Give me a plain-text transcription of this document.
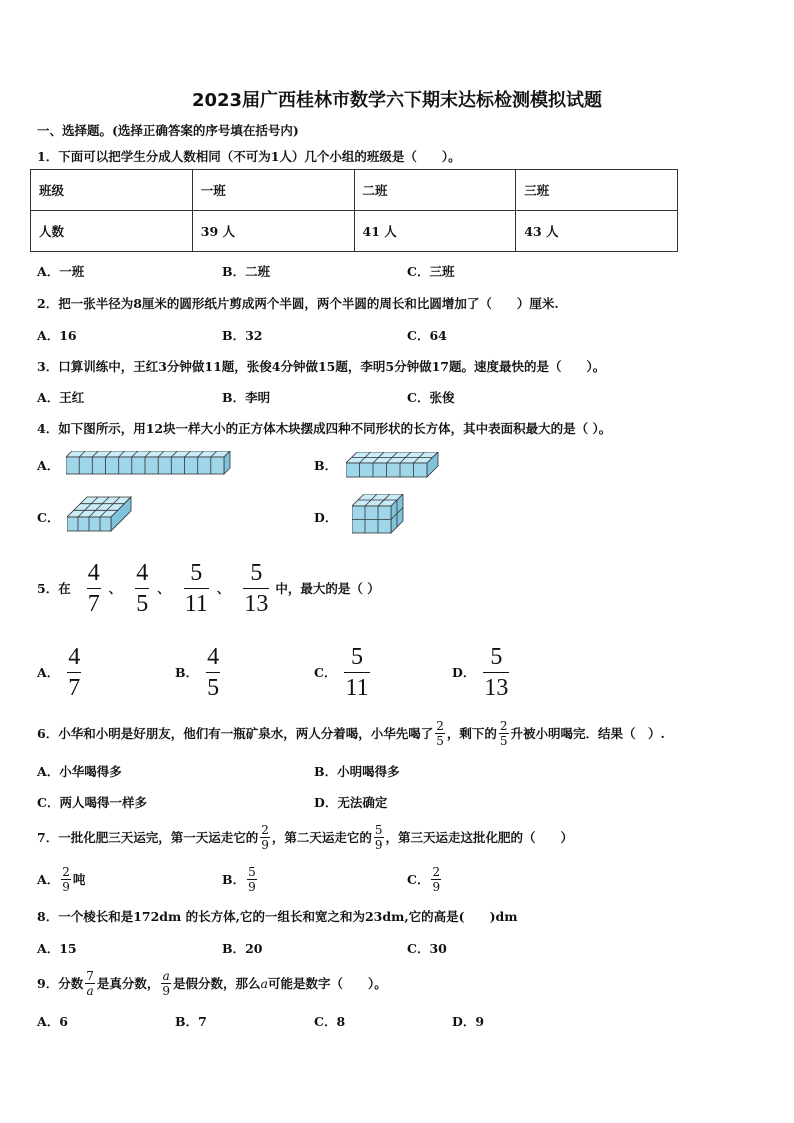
2023届广西桂林市数学六下期末达标检测模拟试题
一、选择题。(选择正确答案的序号填在括号内)
1．下面可以把学生分成人数相同（不可为1人）几个小组的班级是（　　）。
班级	一班	二班	三班
人数	39 人	41 人	43 人
A．一班	B．二班	C．三班
2．把一张半径为8厘米的圆形纸片剪成两个半圆，两个半圆的周长和比圆增加了（　　）厘米.
A．16	B．32	C．64
3．口算训练中，王红3分钟做11题，张俊4分钟做15题，李明5分钟做17题。速度最快的是（　　）。
A．王红	B．李明	C．张俊
4．如下图所示，用12块一样大小的正方体木块摆成四种不同形状的长方体，其中表面积最大的是（ ）。
A．	B．
C．	D．
5．在 $\frac{4}{7}$ 、 $\frac{4}{5}$ 、 $\frac{5}{11}$ 、 $\frac{5}{13}$ 中，最大的是（ ）
A． $\frac{4}{7}$	B． $\frac{4}{5}$	C． $\frac{5}{11}$	D． $\frac{5}{13}$
6．小华和小明是好朋友，他们有一瓶矿泉水，两人分着喝，小华先喝了 $\frac{2}{5}$ ，剩下的 $\frac{2}{5}$ 升被小明喝完．结果（　）.
A．小华喝得多	B．小明喝得多
C．两人喝得一样多	D．无法确定
7．一批化肥三天运完，第一天运走它的 $\frac{2}{9}$ ，第二天运走它的 $\frac{5}{9}$ ，第三天运走这批化肥的（　　）
A． $\frac{2}{9}$ 吨	B． $\frac{5}{9}$	C． $\frac{2}{9}$
8．一个棱长和是172dm 的长方体,它的一组长和宽之和为23dm,它的高是(　　)dm
A．15	B．20	C．30
9．分数 $\frac{7}{a}$ 是真分数， $\frac{a}{9}$ 是假分数，那么 a 可能是数字（　　）。
A．6	B．7	C．8	D．9
